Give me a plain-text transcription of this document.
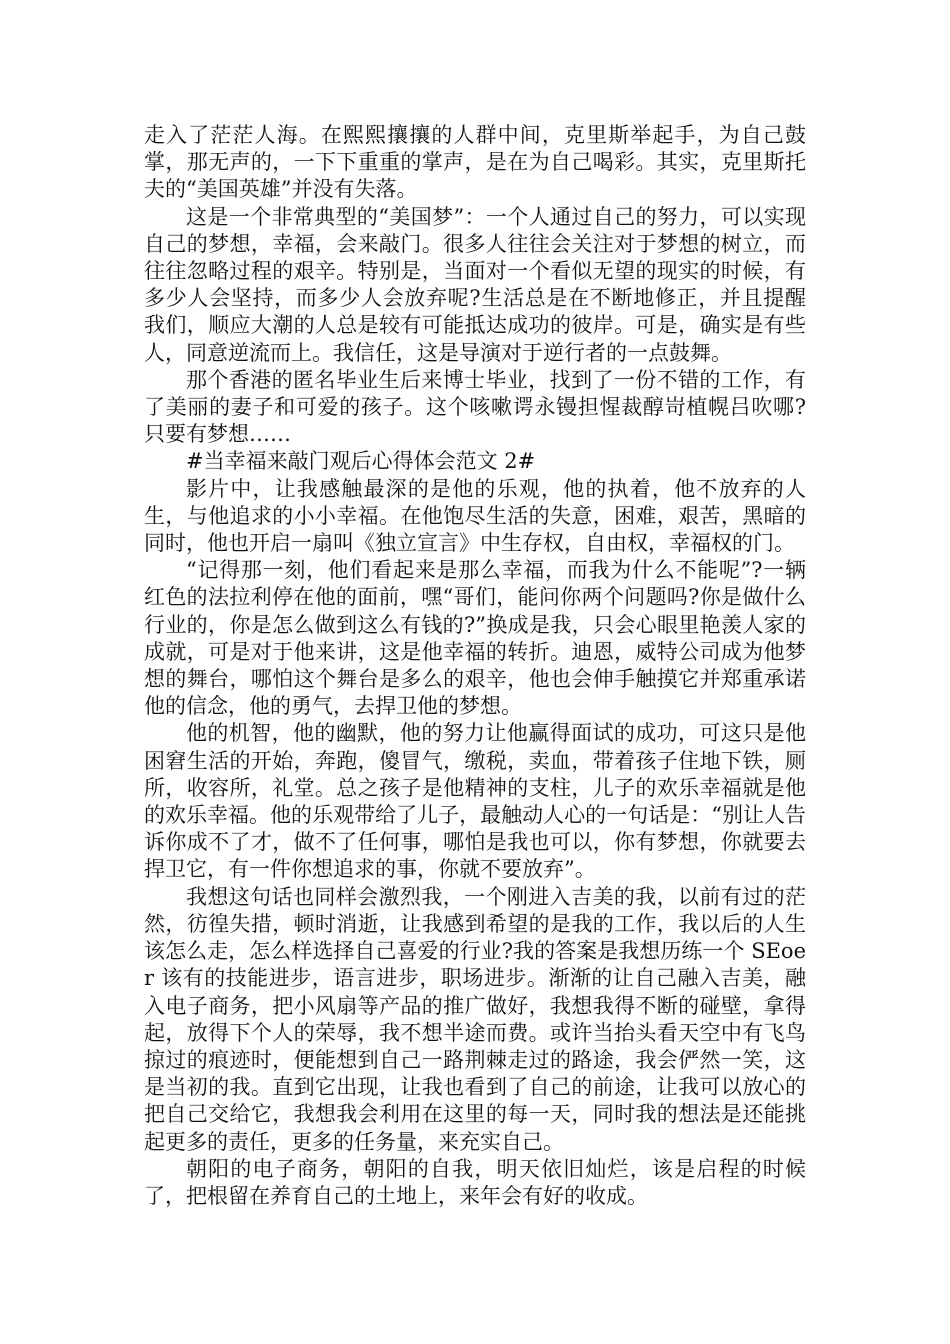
走入了茫茫人海。在熙熙攘攘的人群中间，克里斯举起手，为自己鼓掌，那无声的，一下下重重的掌声，是在为自己喝彩。其实，克里斯托夫的“美国英雄”并没有失落。

这是一个非常典型的“美国梦”：一个人通过自己的努力，可以实现自己的梦想，幸福，会来敲门。很多人往往会关注对于梦想的树立，而往往忽略过程的艰辛。特别是，当面对一个看似无望的现实的时候，有多少人会坚持，而多少人会放弃呢?生活总是在不断地修正，并且提醒我们，顺应大潮的人总是较有可能抵达成功的彼岸。可是，确实是有些人，同意逆流而上。我信任，这是导演对于逆行者的一点鼓舞。

那个香港的匿名毕业生后来博士毕业，找到了一份不错的工作，有了美丽的妻子和可爱的孩子。这个咳嗽谔永镘担惺裁醇岢植幌吕吹哪?只要有梦想……

#当幸福来敲门观后心得体会范文 2#

影片中，让我感触最深的是他的乐观，他的执着，他不放弃的人生，与他追求的小小幸福。在他饱尽生活的失意，困难，艰苦，黑暗的同时，他也开启一扇叫《独立宣言》中生存权，自由权，幸福权的门。

“记得那一刻，他们看起来是那么幸福，而我为什么不能呢”?一辆红色的法拉利停在他的面前，嘿“哥们，能问你两个问题吗?你是做什么行业的，你是怎么做到这么有钱的?”换成是我，只会心眼里艳羡人家的成就，可是对于他来讲，这是他幸福的转折。迪恩，威特公司成为他梦想的舞台，哪怕这个舞台是多么的艰辛，他也会伸手触摸它并郑重承诺他的信念，他的勇气，去捍卫他的梦想。

他的机智，他的幽默，他的努力让他赢得面试的成功，可这只是他困窘生活的开始，奔跑，傻冒气，缴税，卖血，带着孩子住地下铁，厕所，收容所，礼堂。总之孩子是他精神的支柱，儿子的欢乐幸福就是他的欢乐幸福。他的乐观带给了儿子，最触动人心的一句话是：“别让人告诉你成不了才，做不了任何事，哪怕是我也可以，你有梦想，你就要去捍卫它，有一件你想追求的事，你就不要放弃”。

我想这句话也同样会激烈我，一个刚进入吉美的我，以前有过的茫然，彷徨失措，顿时消逝，让我感到希望的是我的工作，我以后的人生该怎么走，怎么样选择自己喜爱的行业?我的答案是我想历练一个 SEoer 该有的技能进步，语言进步，职场进步。渐渐的让自己融入吉美，融入电子商务，把小风扇等产品的推广做好，我想我得不断的碰壁，拿得起，放得下个人的荣辱，我不想半途而费。或许当抬头看天空中有飞鸟掠过的痕迹时，便能想到自己一路荆棘走过的路途，我会俨然一笑，这是当初的我。直到它出现，让我也看到了自己的前途，让我可以放心的把自己交给它，我想我会利用在这里的每一天，同时我的想法是还能挑起更多的责任，更多的任务量，来充实自己。

朝阳的电子商务，朝阳的自我，明天依旧灿烂，该是启程的时候了，把根留在养育自己的土地上，来年会有好的收成。
